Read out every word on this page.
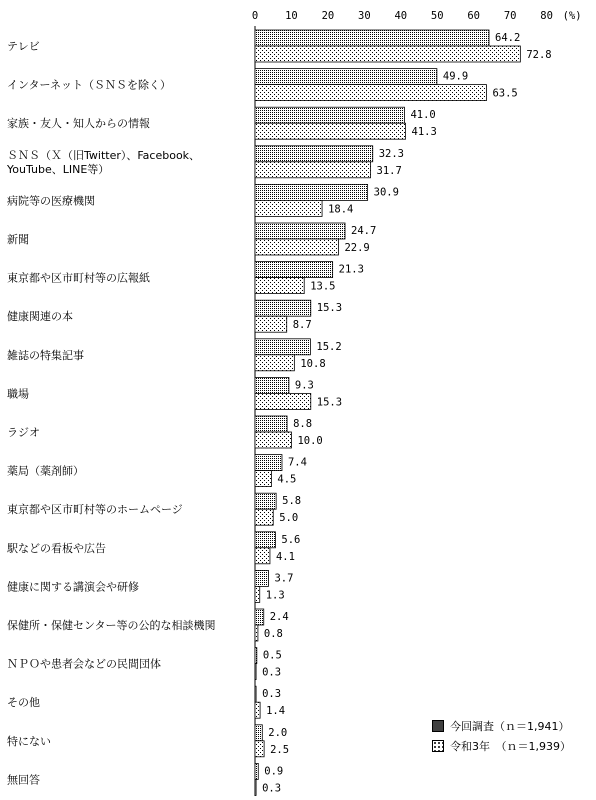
0	10 20 30 40 50 60 70 80 (%)
テレビ
インターネット（ＳＮＳを除く）
家族・友人・知人からの情報
ＳＮＳ（Ｘ（旧Twitter）、Facebook、 YouTube、LINE等）
病院等の医療機関
新聞
東京都や区市町村等の広報紙
健康関連の本
雑誌の特集記事
職場
ラジオ
薬局（薬剤師）
東京都や区市町村等のホームページ
駅などの看板や広告
健康に関する講演会や研修
保健所・保健センター等の公的な相談機関
ＮＰＯや患者会などの民間団体
その他
特にない
無回答
64.2
72.8
49.9
63.5
41.0
41.3
32.3
31.7
30.9
18.4
24.7
22.9
21.3
13.5
15.3
8.7
15.2
10.8
9.3
15.3
8.8
10.0
7.4
4.5
5.8
5.0
5.6
4.1
3.7
1.3
2.4
0.8
0.5
0.3
0.3
1.4
2.0
2.5
0.9
0.3
今回調査（ｎ＝1,941）
令和3年　（ｎ＝1,939）
